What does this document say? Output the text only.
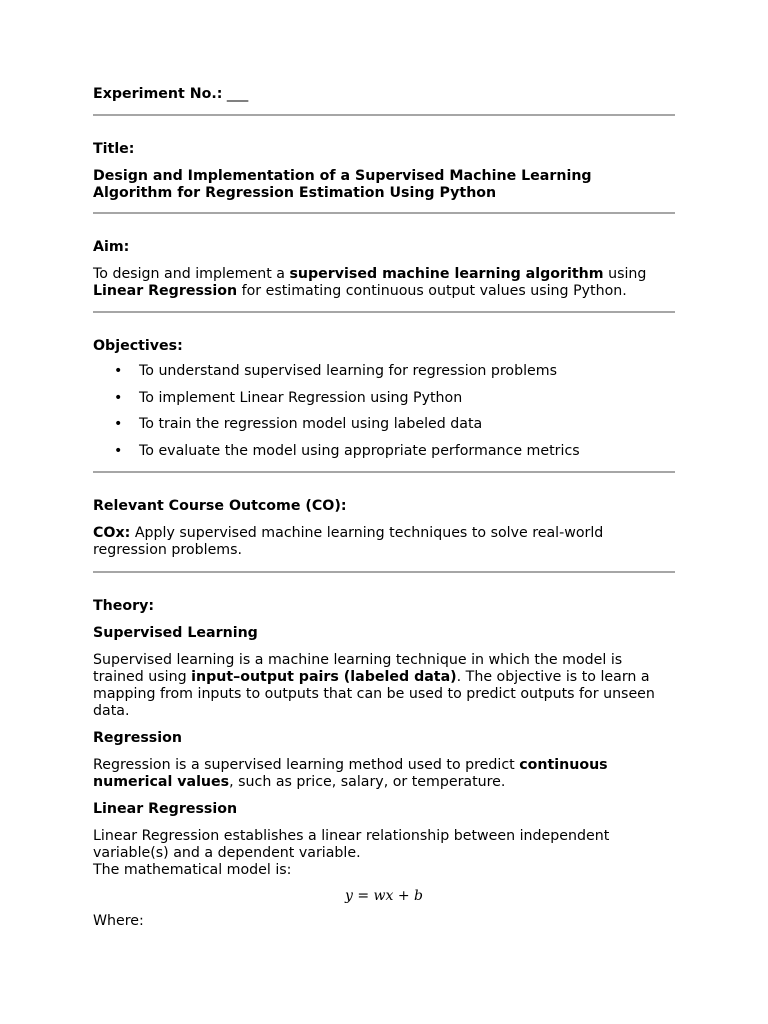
Experiment No.: ___

Title:

Design and Implementation of a Supervised Machine Learning
Algorithm for Regression Estimation Using Python

Aim:

To design and implement a supervised machine learning algorithm using
Linear Regression for estimating continuous output values using Python.

Objectives:

• To understand supervised learning for regression problems
• To implement Linear Regression using Python
• To train the regression model using labeled data
• To evaluate the model using appropriate performance metrics

Relevant Course Outcome (CO):

COx: Apply supervised machine learning techniques to solve real-world
regression problems.

Theory:

Supervised Learning

Supervised learning is a machine learning technique in which the model is
trained using input–output pairs (labeled data). The objective is to learn a
mapping from inputs to outputs that can be used to predict outputs for unseen
data.

Regression

Regression is a supervised learning method used to predict continuous
numerical values, such as price, salary, or temperature.

Linear Regression

Linear Regression establishes a linear relationship between independent
variable(s) and a dependent variable.
The mathematical model is:

y = wx + b

Where:
